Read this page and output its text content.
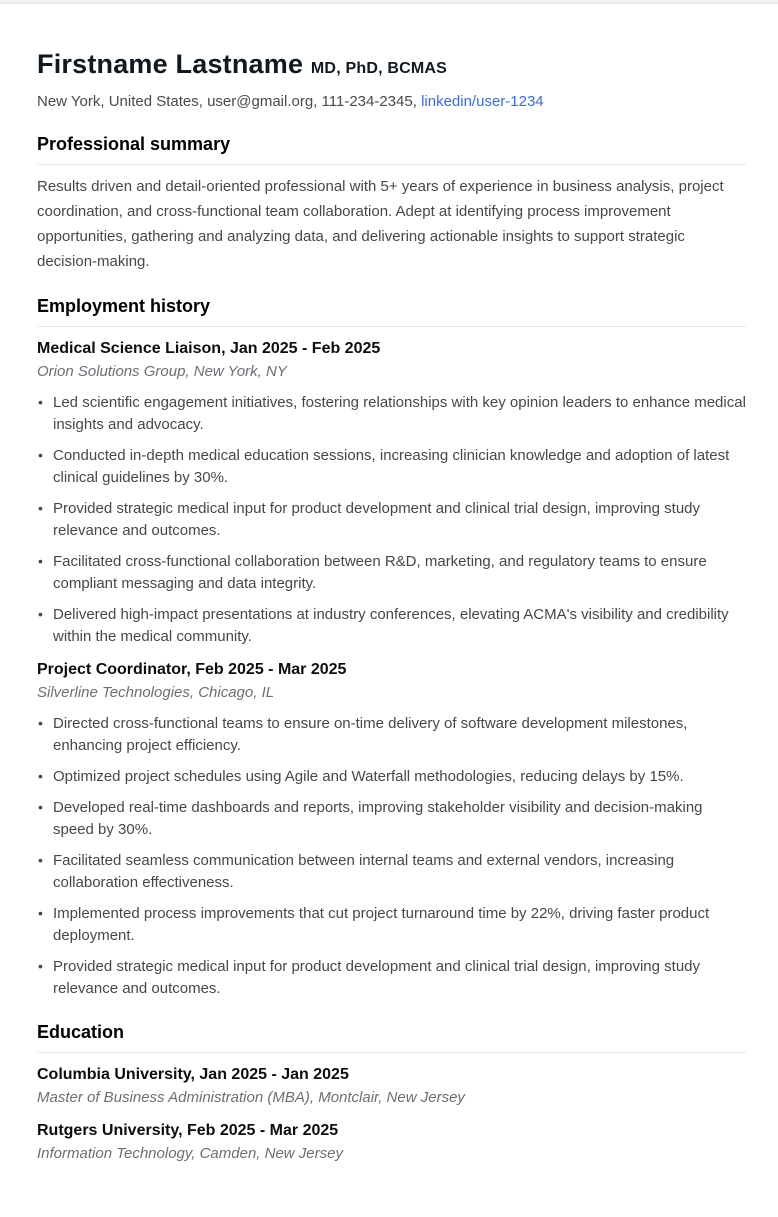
Firstname Lastname MD, PhD, BCMAS

New York, United States, user@gmail.org, 111-234-2345, linkedin/user-1234

Professional summary

Results driven and detail-oriented professional with 5+ years of experience in business analysis, project coordination, and cross-functional team collaboration. Adept at identifying process improvement opportunities, gathering and analyzing data, and delivering actionable insights to support strategic decision-making.

Employment history
Medical Science Liaison, Jan 2025 - Feb 2025

Orion Solutions Group, New York, NY

• Led scientific engagement initiatives, fostering relationships with key opinion leaders to enhance medical insights and advocacy.
• Conducted in-depth medical education sessions, increasing clinician knowledge and adoption of latest clinical guidelines by 30%.
• Provided strategic medical input for product development and clinical trial design, improving study relevance and outcomes.
• Facilitated cross-functional collaboration between R&D, marketing, and regulatory teams to ensure compliant messaging and data integrity.
• Delivered high-impact presentations at industry conferences, elevating ACMA's visibility and credibility within the medical community.
Project Coordinator, Feb 2025 - Mar 2025

Silverline Technologies, Chicago, IL

• Directed cross-functional teams to ensure on-time delivery of software development milestones, enhancing project efficiency.
• Optimized project schedules using Agile and Waterfall methodologies, reducing delays by 15%.
• Developed real-time dashboards and reports, improving stakeholder visibility and decision-making speed by 30%.
• Facilitated seamless communication between internal teams and external vendors, increasing collaboration effectiveness.
• Implemented process improvements that cut project turnaround time by 22%, driving faster product deployment.
• Provided strategic medical input for product development and clinical trial design, improving study relevance and outcomes.
Education
Columbia University, Jan 2025 - Jan 2025

Master of Business Administration (MBA), Montclair, New Jersey

Rutgers University, Feb 2025 - Mar 2025

Information Technology, Camden, New Jersey
